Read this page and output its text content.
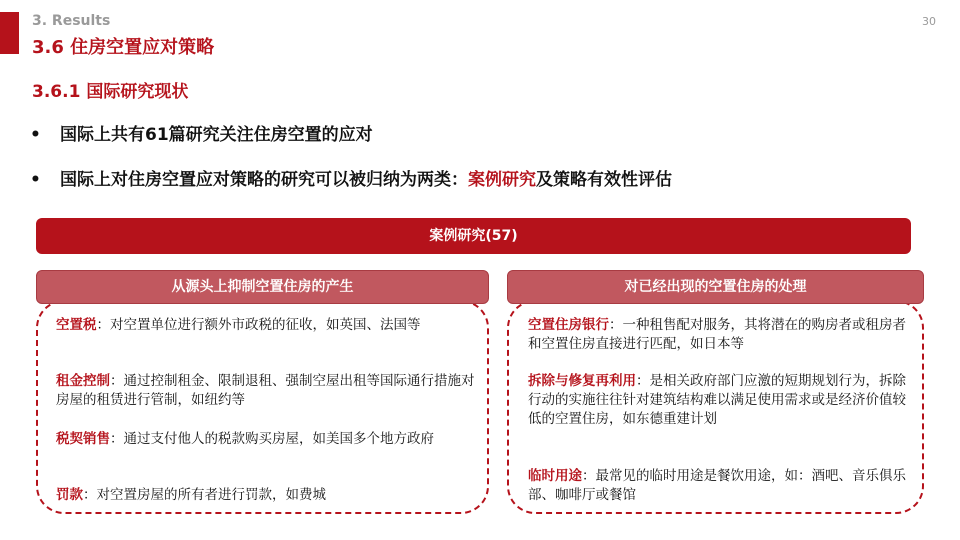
3. Results
3.6 住房空置应对策略
30
3.6.1 国际研究现状
• 国际上共有61篇研究关注住房空置的应对
• 国际上对住房空置应对策略的研究可以被归纳为两类：案例研究及策略有效性评估
案例研究(57)
从源头上抑制空置住房的产生	对已经出现的空置住房的处理
空置税：对空置单位进行额外市政税的征收，如英国、法国等
租金控制：通过控制租金、限制退租、强制空屋出租等国际通行措施对房屋的租赁进行管制，如纽约等
税契销售：通过支付他人的税款购买房屋，如美国多个地方政府
罚款：对空置房屋的所有者进行罚款，如费城
空置住房银行：一种租售配对服务，其将潜在的购房者或租房者和空置住房直接进行匹配，如日本等
拆除与修复再利用：是相关政府部门应激的短期规划行为，拆除行动的实施往往针对建筑结构难以满足使用需求或是经济价值较低的空置住房，如东德重建计划
临时用途：最常见的临时用途是餐饮用途，如：酒吧、音乐俱乐部、咖啡厅或餐馆
